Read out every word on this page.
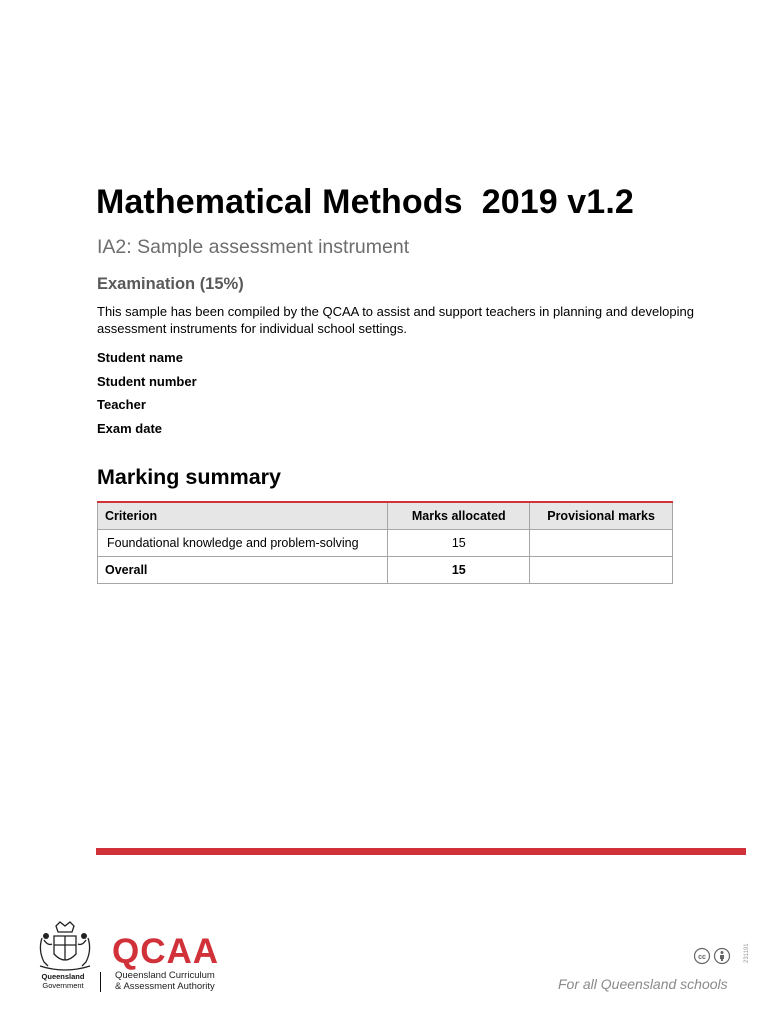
Mathematical Methods  2019 v1.2
IA2: Sample assessment instrument
Examination (15%)
This sample has been compiled by the QCAA to assist and support teachers in planning and developing assessment instruments for individual school settings.
Student name
Student number
Teacher
Exam date
Marking summary
Criterion	Marks allocated	Provisional marks
Foundational knowledge and problem-solving	15	
Overall	15	
Queensland
Government
QCAA
Queensland Curriculum
& Assessment Authority
cc	231191
For all Queensland schools
